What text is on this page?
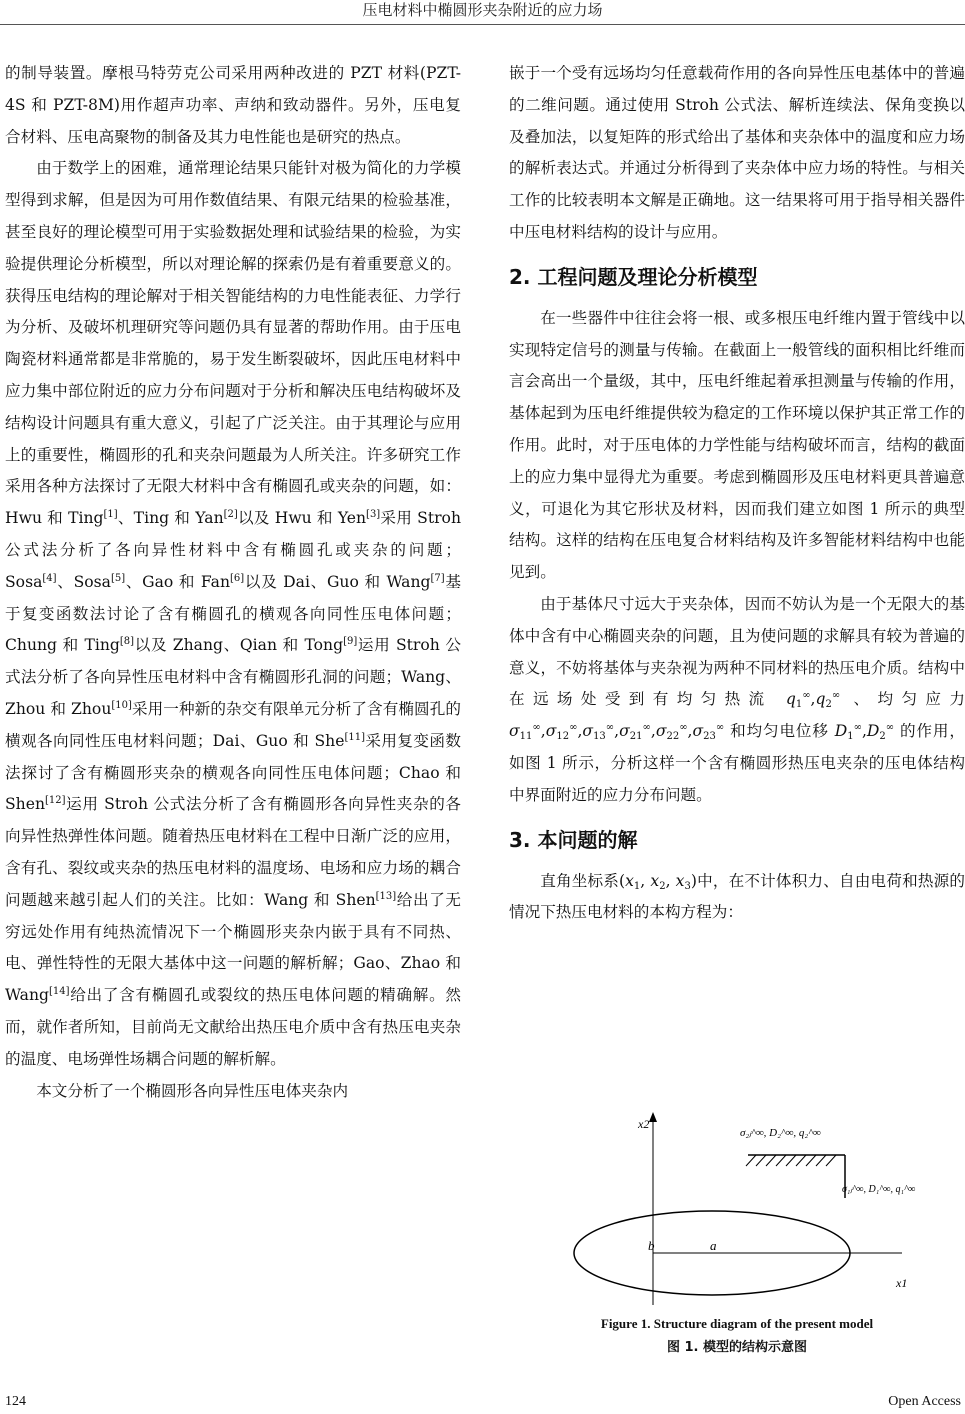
压电材料中椭圆形夹杂附近的应力场

的制导装置。摩根马特劳克公司采用两种改进的 PZT 材料(PZT-4S 和 PZT-8M)用作超声功率、声纳和致动器件。另外，压电复合材料、压电高聚物的制备及其力电性能也是研究的热点。

由于数学上的困难，通常理论结果只能针对极为简化的力学模型得到求解，但是因为可用作数值结果、有限元结果的检验基准，甚至良好的理论模型可用于实验数据处理和试验结果的检验，为实验提供理论分析模型，所以对理论解的探索仍是有着重要意义的。获得压电结构的理论解对于相关智能结构的力电性能表征、力学行为分析、及破坏机理研究等问题仍具有显著的帮助作用。由于压电陶瓷材料通常都是非常脆的，易于发生断裂破坏，因此压电材料中应力集中部位附近的应力分布问题对于分析和解决压电结构破坏及结构设计问题具有重大意义，引起了广泛关注。由于其理论与应用上的重要性，椭圆形的孔和夹杂问题最为人所关注。许多研究工作采用各种方法探讨了无限大材料中含有椭圆孔或夹杂的问题，如：Hwu 和 Ting[1]、Ting 和 Yan[2]以及 Hwu 和 Yen[3]采用 Stroh 公式法分析了各向异性材料中含有椭圆孔或夹杂的问题；Sosa[4]、Sosa[5]、Gao 和 Fan[6]以及 Dai、Guo 和 Wang[7]基于复变函数法讨论了含有椭圆孔的横观各向同性压电体问题；Chung 和 Ting[8]以及 Zhang、Qian 和 Tong[9]运用 Stroh 公式法分析了各向异性压电材料中含有椭圆形孔洞的问题；Wang、Zhou 和 Zhou[10]采用一种新的杂交有限单元分析了含有椭圆孔的横观各向同性压电材料问题；Dai、Guo 和 She[11]采用复变函数法探讨了含有椭圆形夹杂的横观各向同性压电体问题；Chao 和 Shen[12]运用 Stroh 公式法分析了含有椭圆形各向异性夹杂的各向异性热弹性体问题。随着热压电材料在工程中日渐广泛的应用，含有孔、裂纹或夹杂的热压电材料的温度场、电场和应力场的耦合问题越来越引起人们的关注。比如：Wang 和 Shen[13]给出了无穷远处作用有纯热流情况下一个椭圆形夹杂内嵌于具有不同热、电、弹性特性的无限大基体中这一问题的解析解；Gao、Zhao 和 Wang[14]给出了含有椭圆孔或裂纹的热压电体问题的精确解。然而，就作者所知，目前尚无文献给出热压电介质中含有热压电夹杂的温度、电场弹性场耦合问题的解析解。

本文分析了一个椭圆形各向异性压电体夹杂内

嵌于一个受有远场均匀任意载荷作用的各向异性压电基体中的普遍的二维问题。通过使用 Stroh 公式法、解析连续法、保角变换以及叠加法，以复矩阵的形式给出了基体和夹杂体中的温度和应力场的解析表达式。并通过分析得到了夹杂体中应力场的特性。与相关工作的比较表明本文解是正确地。这一结果将可用于指导相关器件中压电材料结构的设计与应用。

2. 工程问题及理论分析模型

在一些器件中往往会将一根、或多根压电纤维内置于管线中以实现特定信号的测量与传输。在截面上一般管线的面积相比纤维而言会高出一个量级，其中，压电纤维起着承担测量与传输的作用，基体起到为压电纤维提供较为稳定的工作环境以保护其正常工作的作用。此时，对于压电体的力学性能与结构破坏而言，结构的截面上的应力集中显得尤为重要。考虑到椭圆形及压电材料更具普遍意义，可退化为其它形状及材料，因而我们建立如图 1 所示的典型结构。这样的结构在压电复合材料结构及许多智能材料结构中也能见到。

由于基体尺寸远大于夹杂体，因而不妨认为是一个无限大的基体中含有中心椭圆夹杂的问题，且为使问题的求解具有较为普遍的意义，不妨将基体与夹杂视为两种不同材料的热压电介质。结构中在远场处受到有均匀热流 $q_1^\infty,q_2^\infty$ 、均匀应力 $\sigma_{11}^\infty,\sigma_{12}^\infty,\sigma_{13}^\infty,\sigma_{21}^\infty,\sigma_{22}^\infty,\sigma_{23}^\infty$ 和均匀电位移 $D_1^\infty,D_2^\infty$ 的作用，如图 1 所示，分析这样一个含有椭圆形热压电夹杂的压电体结构中界面附近的应力分布问题。

3. 本问题的解

直角坐标系($x_1$, $x_2$, $x_3$)中，在不计体积力、自由电荷和热源的情况下热压电材料的本构方程为：

x2
x1
b	a
σ₂ⱼ^∞, D₂^∞, q₂^∞
σ₁ⱼ^∞, D₁^∞, q₁^∞
Figure 1. Structure diagram of the present model
图 1. 模型的结构示意图
124	Open Access
